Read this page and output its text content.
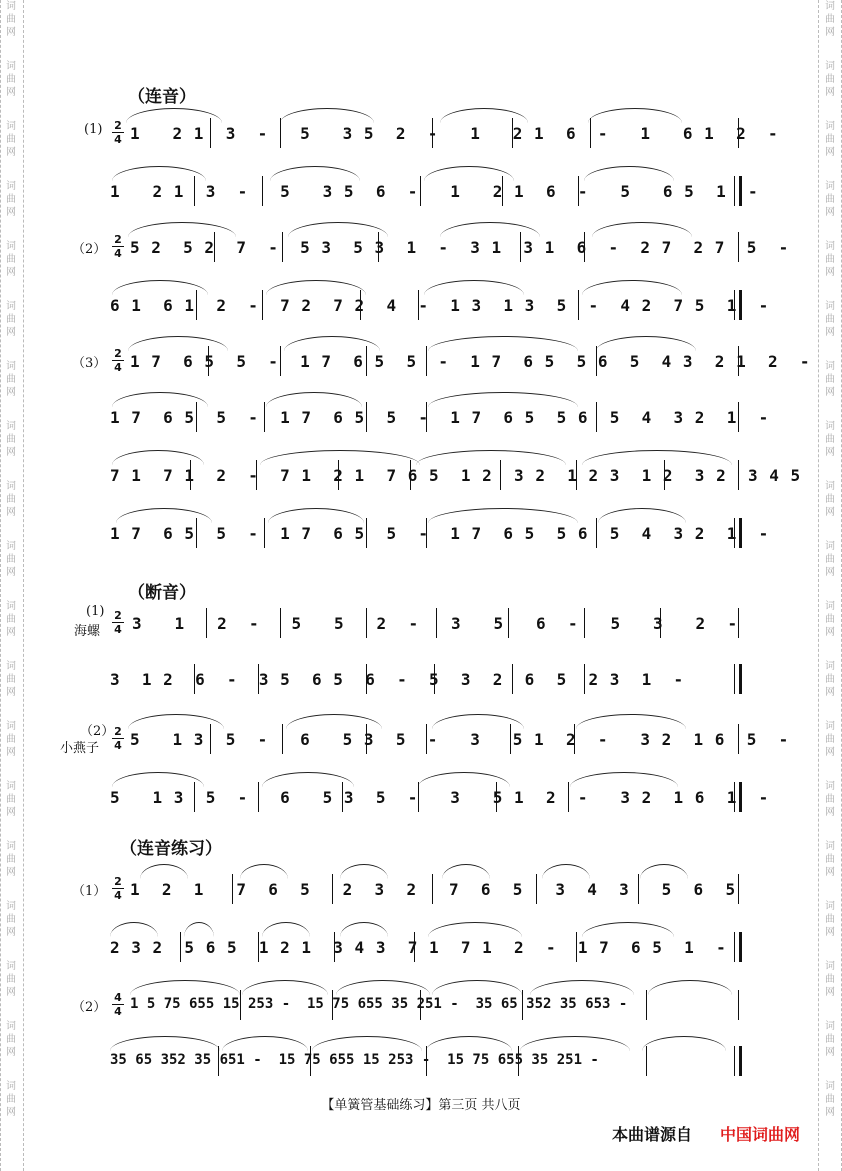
词
曲
网
词
曲
网
词
曲
网
词
曲
网
词
曲
网
词
曲
网
词
曲
网
词
曲
网
词
曲
网
词
曲
网
词
曲
网
词
曲
网
词
曲
网
词
曲
网
词
曲
网
词
曲
网
词
曲
网
词
曲
网
词
曲
网
词
曲
网
词
曲
网
词
曲
网
词
曲
网
词
曲
网
词
曲
网
词
曲
网
词
曲
网
词
曲
网
词
曲
网
词
曲
网
词
曲
网
词
曲
网
词
曲
网
词
曲
网
词
曲
网
词
曲
网
词
曲
网
词
曲
网
（连音）
（断音）
（连音练习）
(1)
（2）
（3）
(1)
海螺
（2）
小燕子
（1）
（2）
2
4
2
4
2
4
2
4
2
4
2
4
4
4
1   2 1  3  -   5   3 5  2  -   1   2 1  6  -   1   6 1  2  -
1   2 1  3  -   5   3 5  6  -   1   2 1  6  -   5   6 5  1  -
5 2  5 2  7  -  5 3  5 3  1  -  3 1  3 1  6  -  2 7  2 7  5  -
6 1  6 1  2  -  7 2  7 2  4  -  1 3  1 3  5  -  4 2  7 5  1  -
1 7  6 5  5  -  1 7  6 5  5  -  1 7  6 5  5 6  5  4 3  2 1  2  -
1 7  6 5  5  -  1 7  6 5  5  -  1 7  6 5  5 6  5  4  3 2  1  -
7 1  7 1  2  -  7 1  2 1  7 6 5  1 2  3 2  1 2 3  1 2  3 2  3 4 5
1 7  6 5  5  -  1 7  6 5  5  -  1 7  6 5  5 6  5  4  3 2  1  -
3   1   2  -   5   5   2  -   3   5   6  -   5   3   2  -
3  1 2  6  -  3 5  6 5  6  -  5  3  2  6  5  2 3  1  -
5   1 3  5  -   6   5 3  5  -   3   5 1  2  -   3 2  1 6  5  -
5   1 3  5  -   6   5 3  5  -   3   5 1  2  -   3 2  1 6  1  -
1  2  1   7  6  5   2  3  2   7  6  5   3  4  3   5  6  5
2 3 2  5 6 5  1 2 1  3 4 3  7 1  7 1  2  -  1 7  6 5  1  -
1 5 75 655 15 253 -  15 75 655 35 251 -  35 65 352 35 653 -
35 65 352 35 651 -  15 75 655 15 253 -  15 75 655 35 251 -
【单簧管基础练习】第三页 共八页
本曲谱源自 中国词曲网
